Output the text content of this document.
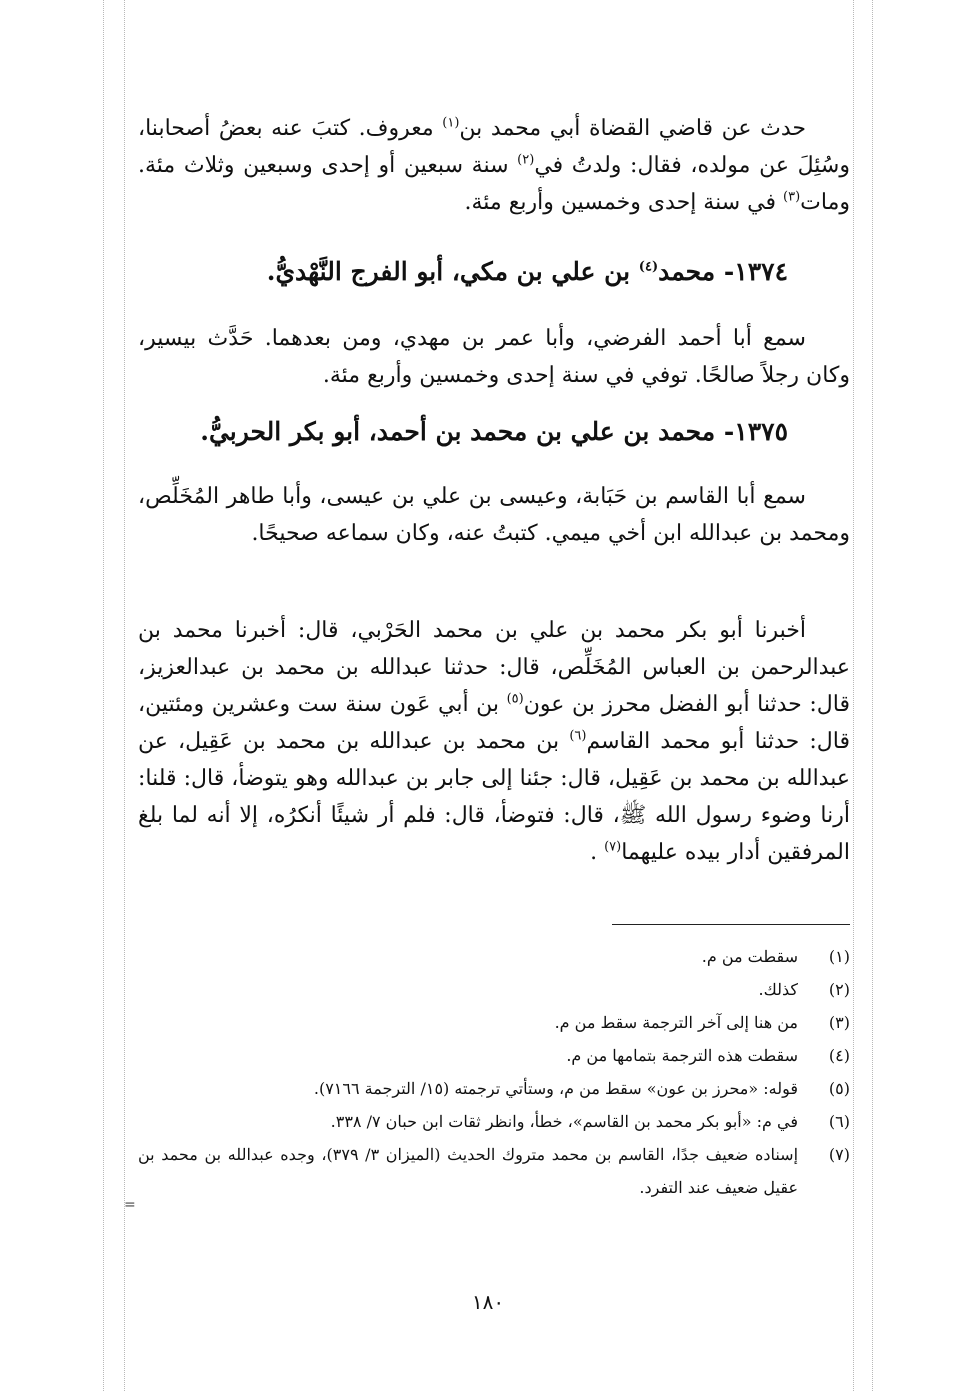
حدث عن قاضي القضاة أبي محمد بن$^{(١)}$ معروف. كتبَ عنه بعضُ أصحابنا، وسُئِلَ عن مولده، فقال: ولدتُ في$^{(٢)}$ سنة سبعين أو إحدى وسبعين وثلاث مئة. ومات$^{(٣)}$ في سنة إحدى وخمسين وأربع مئة.

١٣٧٤- محمد$^{(٤)}$ بن علي بن مكي، أبو الفرج النَّهْديُّ.

سمع أبا أحمد الفرضي، وأبا عمر بن مهدي، ومن بعدهما. حَدَّث بيسير، وكان رجلاً صالحًا. توفي في سنة إحدى وخمسين وأربع مئة.

١٣٧٥- محمد بن علي بن محمد بن أحمد، أبو بكر الحربيُّ.

سمع أبا القاسم بن حَبَابة، وعيسى بن علي بن عيسى، وأبا طاهر المُخَلِّص، ومحمد بن عبدالله ابن أخي ميمي. كتبتُ عنه، وكان سماعه صحيحًا.

أخبرنا أبو بكر محمد بن علي بن محمد الحَرْبي، قال: أخبرنا محمد بن عبدالرحمن بن العباس المُخَلِّص، قال: حدثنا عبدالله بن محمد بن عبدالعزيز، قال: حدثنا أبو الفضل محرز بن عون$^{(٥)}$ بن أبي عَون سنة ست وعشرين ومئتين، قال: حدثنا أبو محمد القاسم$^{(٦)}$ بن محمد بن عبدالله بن محمد بن عَقِيل، عن عبدالله بن محمد بن عَقِيل، قال: جئنا إلى جابر بن عبدالله وهو يتوضأ، قال: قلنا: أرنا وضوء رسول الله ﷺ، قال: فتوضأ، قال: فلم أر شيئًا أنكرُه، إلا أنه لما بلغ المرفقين أدار بيده عليهما$^{(٧)}$ .

(١)
سقطت من م.
(٢)
كذلك.
(٣)
من هنا إلى آخر الترجمة سقط من م.
(٤)
سقطت هذه الترجمة بتمامها من م.
(٥)
قوله: «محرز بن عون» سقط من م، وستأتي ترجمته (١٥/ الترجمة ٧١٦٦).
(٦)
في م: «أبو بكر محمد بن القاسم»، خطأ، وانظر ثقات ابن حبان ٧/ ٣٣٨.
(٧)
إسناده ضعيف جدًا، القاسم بن محمد متروك الحديث (الميزان ٣/ ٣٧٩)، وجده عبدالله بن محمد بن عقيل ضعيف عند التفرد.
=
١٨٠
